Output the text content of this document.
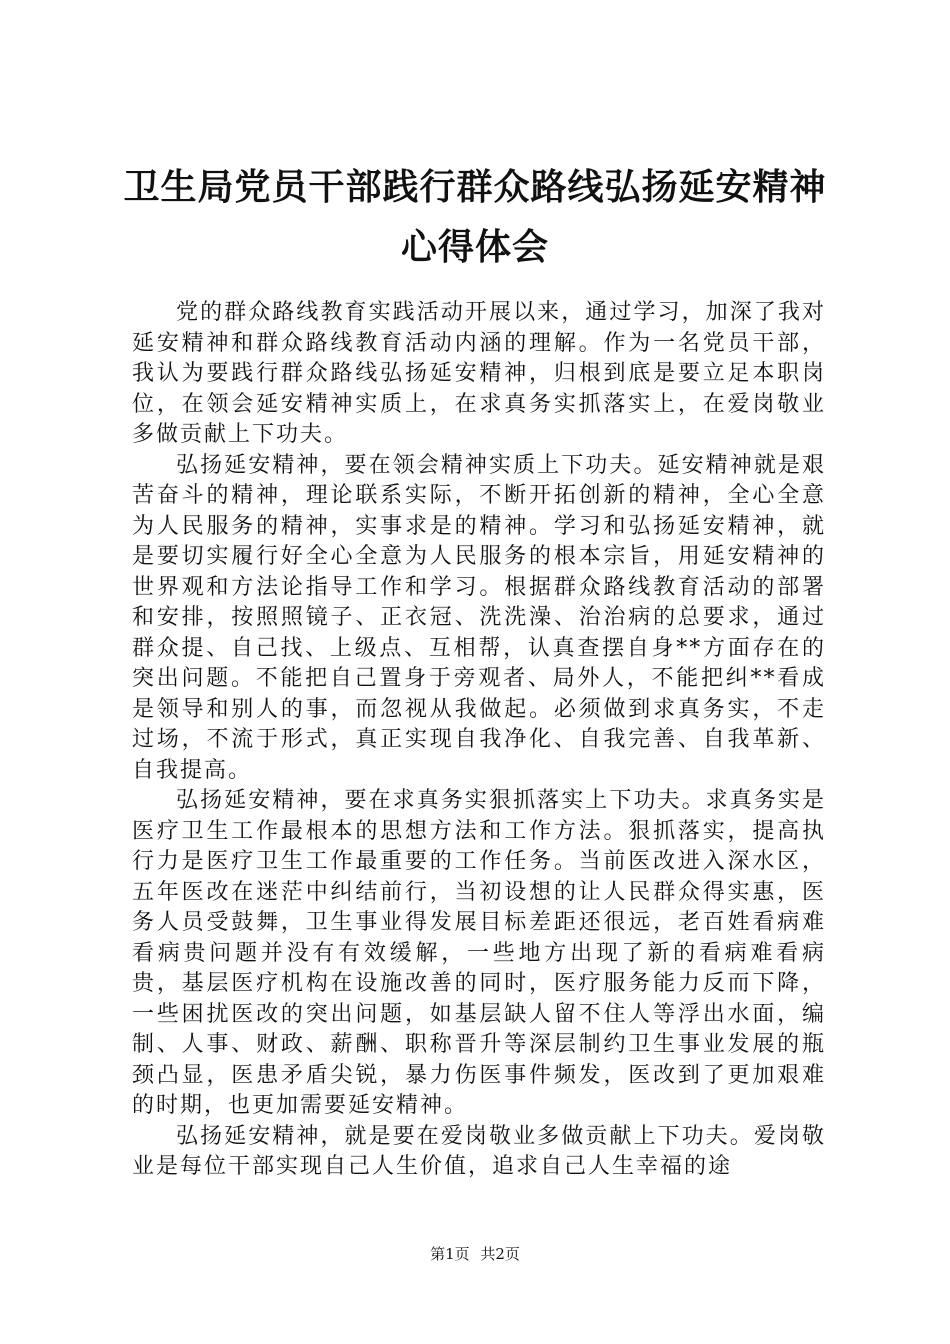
卫生局党员干部践行群众路线弘扬延安精神心得体会

党的群众路线教育实践活动开展以来，通过学习，加深了我对延安精神和群众路线教育活动内涵的理解。作为一名党员干部，我认为要践行群众路线弘扬延安精神，归根到底是要立足本职岗位，在领会延安精神实质上，在求真务实抓落实上，在爱岗敬业多做贡献上下功夫。

弘扬延安精神，要在领会精神实质上下功夫。延安精神就是艰苦奋斗的精神，理论联系实际，不断开拓创新的精神，全心全意为人民服务的精神，实事求是的精神。学习和弘扬延安精神，就是要切实履行好全心全意为人民服务的根本宗旨，用延安精神的世界观和方法论指导工作和学习。根据群众路线教育活动的部署和安排，按照照镜子、正衣冠、洗洗澡、治治病的总要求，通过群众提、自己找、上级点、互相帮，认真查摆自身**方面存在的突出问题。不能把自己置身于旁观者、局外人，不能把纠**看成是领导和别人的事，而忽视从我做起。必须做到求真务实，不走过场，不流于形式，真正实现自我净化、自我完善、自我革新、自我提高。

弘扬延安精神，要在求真务实狠抓落实上下功夫。求真务实是医疗卫生工作最根本的思想方法和工作方法。狠抓落实，提高执行力是医疗卫生工作最重要的工作任务。当前医改进入深水区，五年医改在迷茫中纠结前行，当初设想的让人民群众得实惠，医务人员受鼓舞，卫生事业得发展目标差距还很远，老百姓看病难看病贵问题并没有有效缓解，一些地方出现了新的看病难看病贵，基层医疗机构在设施改善的同时，医疗服务能力反而下降，一些困扰医改的突出问题，如基层缺人留不住人等浮出水面，编制、人事、财政、薪酬、职称晋升等深层制约卫生事业发展的瓶颈凸显，医患矛盾尖锐，暴力伤医事件频发，医改到了更加艰难的时期，也更加需要延安精神。

弘扬延安精神，就是要在爱岗敬业多做贡献上下功夫。爱岗敬业是每位干部实现自己人生价值，追求自己人生幸福的途

第1页 共2页
